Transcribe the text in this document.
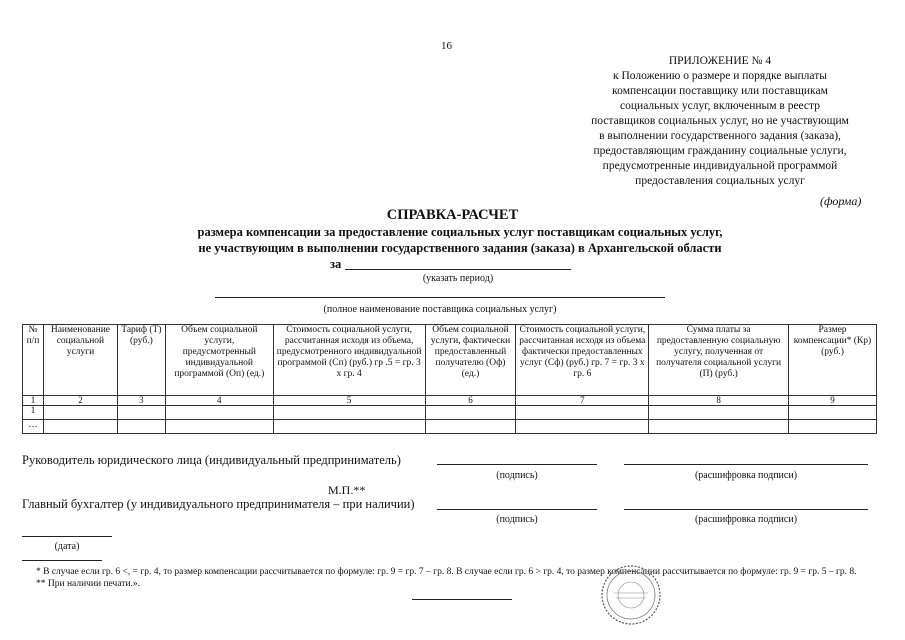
16
ПРИЛОЖЕНИЕ № 4
к Положению о размере и порядке выплаты
компенсации поставщику или поставщикам
социальных услуг, включенным в реестр
поставщиков социальных услуг, но не участвующим
в выполнении государственного задания (заказа),
предоставляющим гражданину социальные услуги,
предусмотренные индивидуальной программой
предоставления социальных услуг
(форма)
СПРАВКА-РАСЧЕТ
размера компенсации за предоставление социальных услуг поставщикам социальных услуг,
не участвующим в выполнении государственного задания (заказа) в Архангельской области
за
(указать период)
(полное наименование поставщика социальных услуг)
№ п/п	Наименование социальной услуги	Тариф (Т) (руб.)	Объем социальной услуги, предусмотренный индивидуальной программой (Оп) (ед.)	Стоимость социальной услуги, рассчитанная исходя из объема, предусмотренного индивидуальной программой (Сп) (руб.) гр .5 = гр. 3 х гр. 4	Объем социальной услуги, фактически предоставленный получателю (Оф) (ед.)	Стоимость социальной услуги, рассчитанная исходя из объема фактически предоставленных услуг (Сф) (руб.) гр. 7 = гр. 3 х гр. 6	Сумма платы за предоставленную социальную услугу, полученная от получателя социальной услуги (П) (руб.)	Размер компенсации* (Кр) (руб.)
1	2	3	4	5	6	7	8	9
1								
…								
Руководитель юридического лица (индивидуальный предприниматель)
(подпись)	(расшифровка подписи)
М.П.**
Главный бухгалтер (у индивидуального предпринимателя – при наличии)
(подпись)	(расшифровка подписи)
(дата)

* В случае если гр. 6 <, = гр. 4, то размер компенсации рассчитывается по формуле: гр. 9 = гр. 7 – гр. 8. В случае если гр. 6 > гр. 4, то размер компенсации рассчитывается по формуле: гр. 9 = гр. 5 – гр. 8.

** При наличии печати.».
